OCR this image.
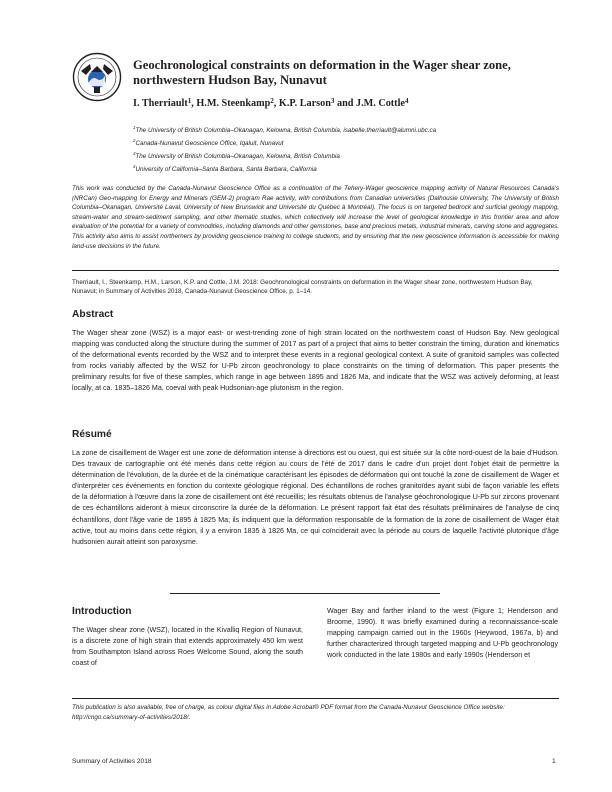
Geochronological constraints on deformation in the Wager shear zone, northwestern Hudson Bay, Nunavut
I. Therriault$^1$, H.M. Steenkamp$^2$, K.P. Larson$^3$ and J.M. Cottle$^4$
$^1$The University of British Columbia–Okanagan, Kelowna, British Columbia, isabelle.therriault@alumni.ubc.ca
$^2$Canada-Nunavut Geoscience Office, Iqaluit, Nunavut
$^3$The University of British Columbia–Okanagan, Kelowna, British Columbia
$^4$University of California–Santa Barbara, Santa Barbara, California

This work was conducted by the Canada-Nunavut Geoscience Office as a continuation of the Tehery-Wager geoscience mapping activity of Natural Resources Canada's (NRCan) Geo-mapping for Energy and Minerals (GEM-2) program Rae activity, with contributions from Canadian universities (Dalhousie University, The University of British Columbia–Okanagan, Université Laval, University of New Brunswick and Université du Québec à Montréal). The focus is on targeted bedrock and surficial geology mapping, stream-water and stream-sediment sampling, and other thematic studies, which collectively will increase the level of geological knowledge in this frontier area and allow evaluation of the potential for a variety of commodities, including diamonds and other gemstones, base and precious metals, industrial minerals, carving stone and aggregates. This activity also aims to assist northerners by providing geoscience training to college students, and by ensuring that the new geoscience information is accessible for making land-use decisions in the future.

Therriault, I., Steenkamp, H.M., Larson, K.P. and Cottle, J.M. 2018: Geochronological constraints on deformation in the Wager shear zone, northwestern Hudson Bay, Nunavut; in Summary of Activities 2018, Canada-Nunavut Geoscience Office, p. 1–14.

Abstract

The Wager shear zone (WSZ) is a major east- or west-trending zone of high strain located on the northwestern coast of Hudson Bay. New geological mapping was conducted along the structure during the summer of 2017 as part of a project that aims to better constrain the timing, duration and kinematics of the deformational events recorded by the WSZ and to interpret these events in a regional geological context. A suite of granitoid samples was collected from rocks variably affected by the WSZ for U-Pb zircon geochronology to place constraints on the timing of deformation. This paper presents the preliminary results for five of these samples, which range in age between 1895 and 1826 Ma, and indicate that the WSZ was actively deforming, at least locally, at ca. 1835–1826 Ma, coeval with peak Hudsonian-age plutonism in the region.

Résumé

La zone de cisaillement de Wager est une zone de déformation intense à directions est ou ouest, qui est située sur la côte nord-ouest de la baie d'Hudson. Des travaux de cartographie ont été menés dans cette région au cours de l'été de 2017 dans le cadre d'un projet dont l'objet était de permettre la détermination de l'évolution, de la durée et de la cinématique caractérisant les épisodes de déformation qui ont touché la zone de cisaillement de Wager et d'interpréter ces événements en fonction du contexte géologique régional. Des échantillons de roches granitoïdes ayant subi de façon variable les effets de la déformation à l'œuvre dans la zone de cisaillement ont été recueillis; les résultats obtenus de l'analyse géochronologique U-Pb sur zircons provenant de ces échantillons aideront à mieux circonscrire la durée de la déformation. Le présent rapport fait état des résultats préliminaires de l'analyse de cinq échantillons, dont l'âge varie de 1895 à 1825 Ma; ils indiquent que la déformation responsable de la formation de la zone de cisaillement de Wager était active, tout au moins dans cette région, il y a environ 1835 à 1826 Ma, ce qui coïnciderait avec la période au cours de laquelle l'activité plutonique d'âge hudsonien aurait atteint son paroxysme.

Introduction

The Wager shear zone (WSZ), located in the Kivalliq Region of Nunavut, is a discrete zone of high strain that extends approximately 450 km west from Southampton Island across Roes Welcome Sound, along the south coast of

Wager Bay and farther inland to the west (Figure 1; Henderson and Broome, 1990). It was briefly examined during a reconnaissance-scale mapping campaign carried out in the 1960s (Heywood, 1967a, b) and further characterized through targeted mapping and U-Pb geochronology work conducted in the late 1980s and early 1990s (Henderson et

This publication is also available, free of charge, as colour digital files in Adobe Acrobat® PDF format from the Canada-Nunavut Geoscience Office website: http://cngo.ca/summary-of-activities/2018/.

Summary of Activities 2018	1
